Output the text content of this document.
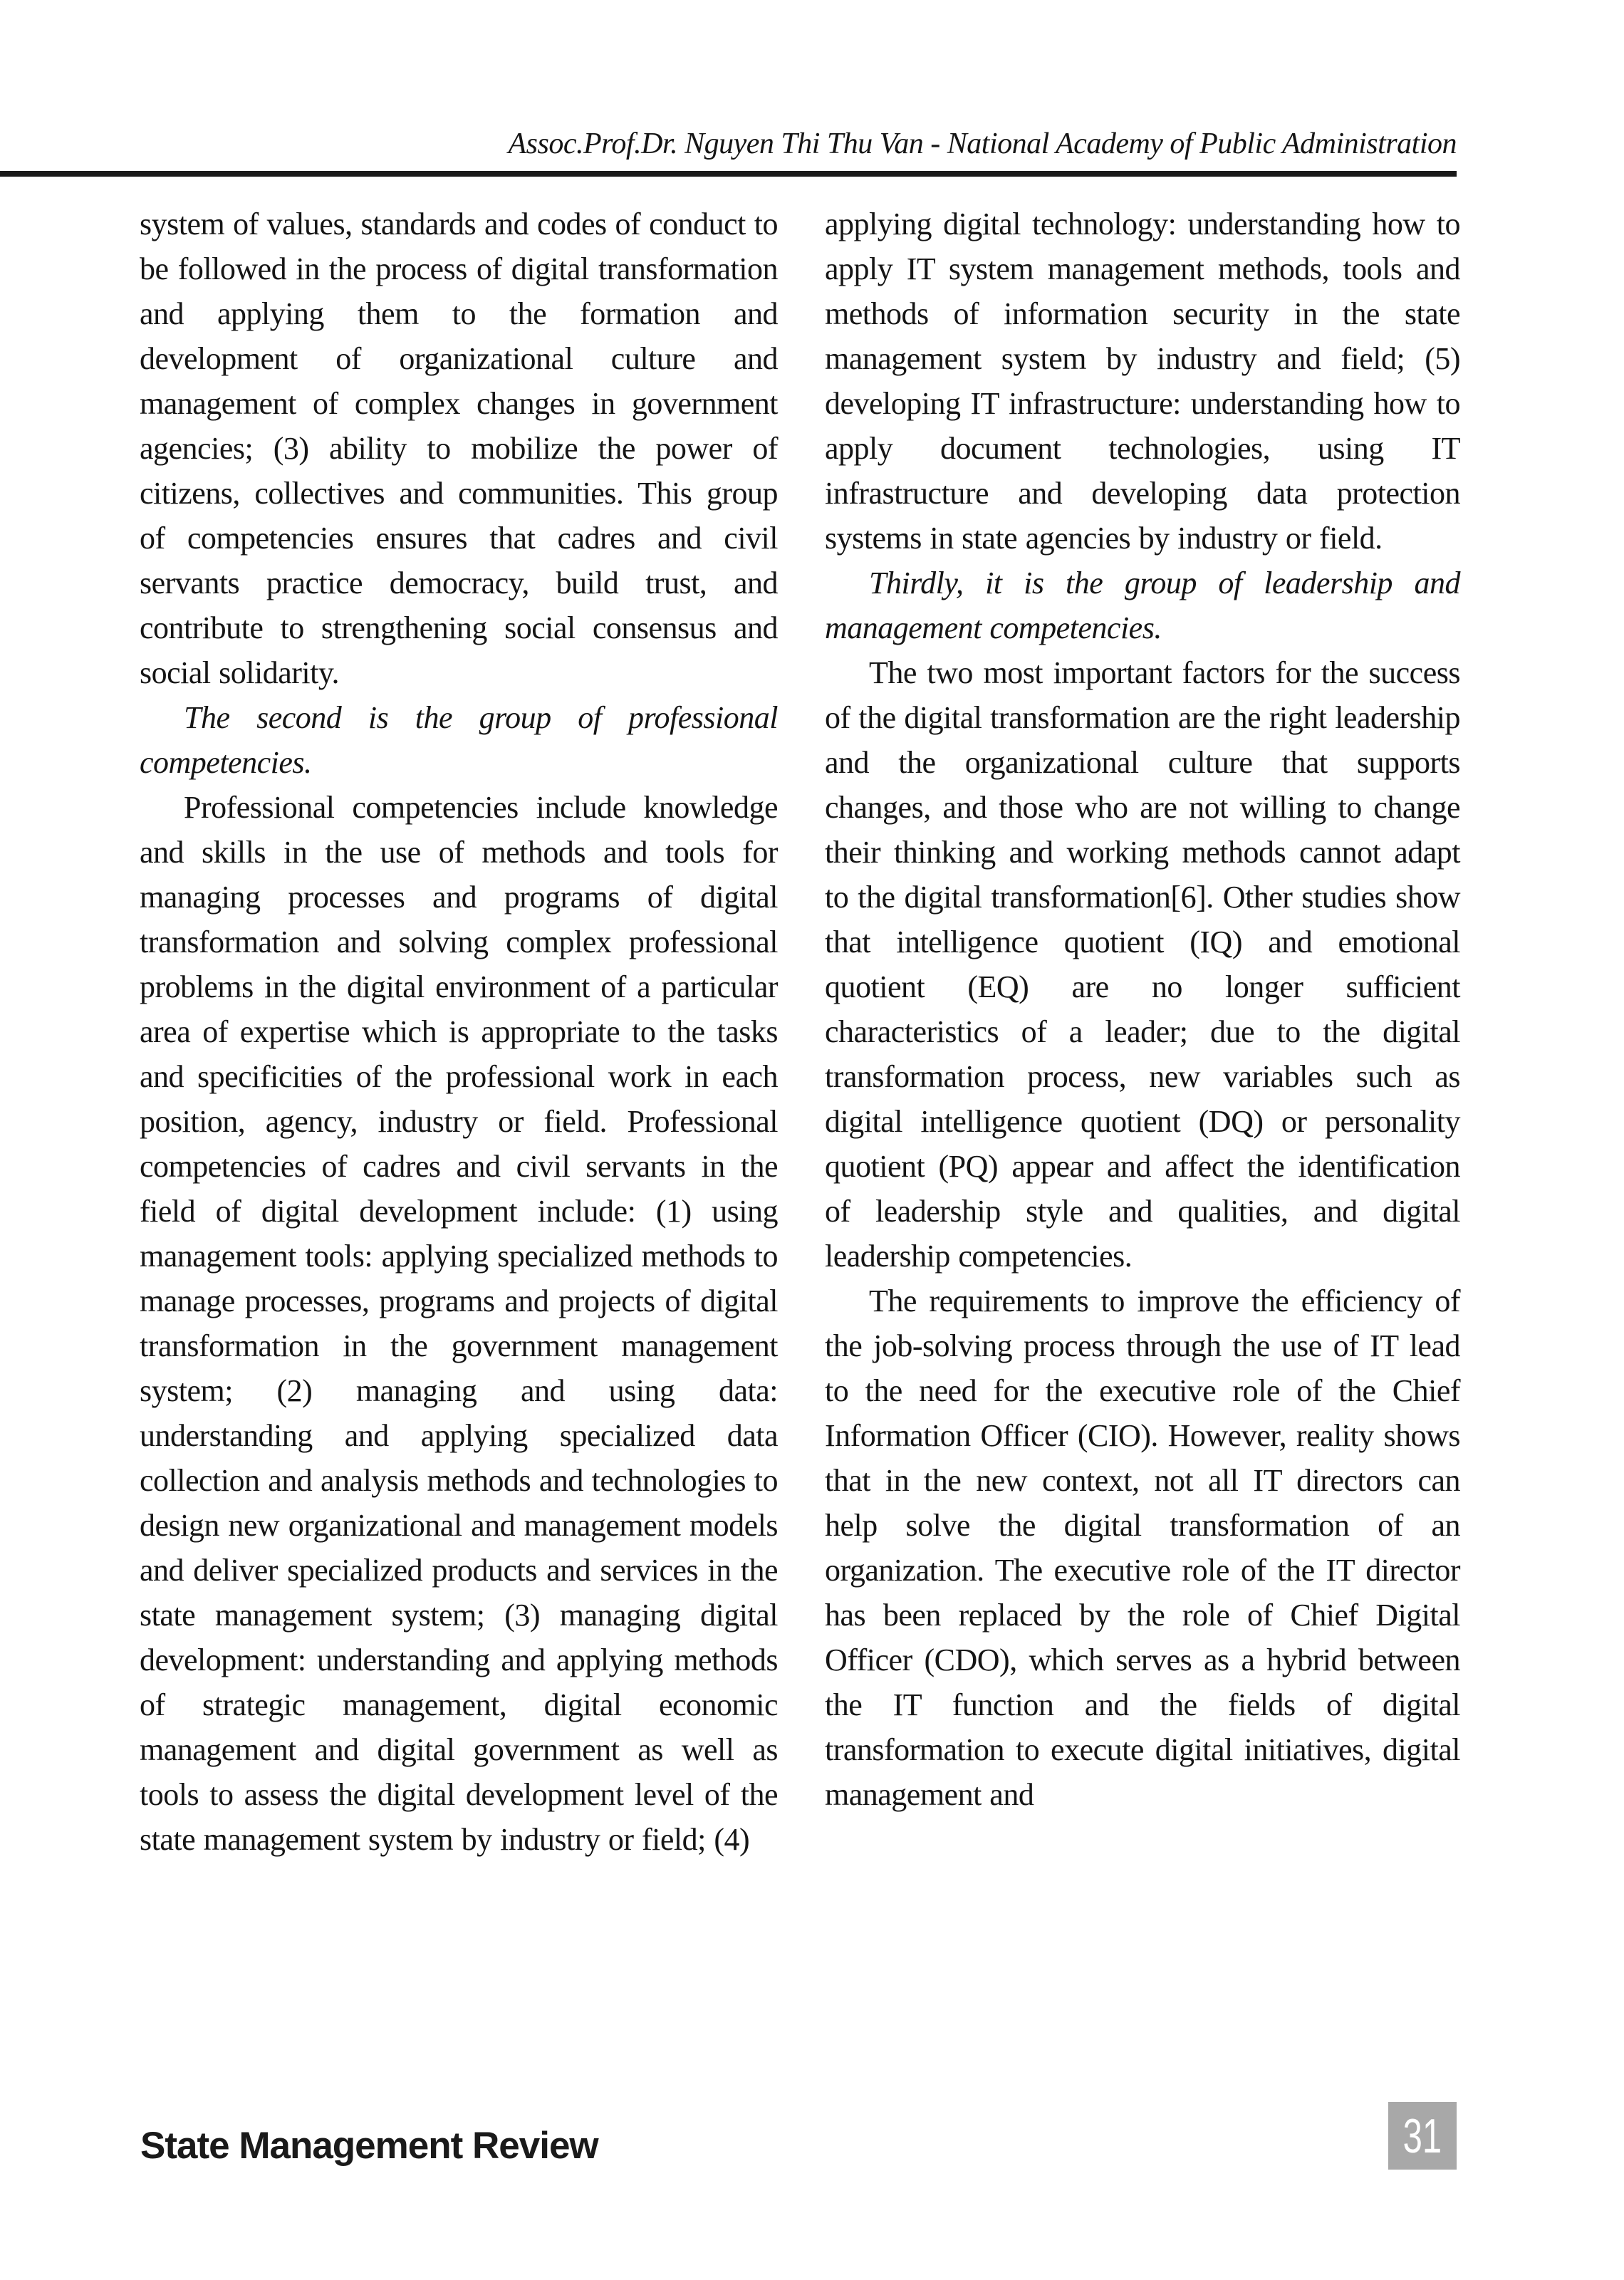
Assoc.Prof.Dr. Nguyen Thi Thu Van - National Academy of Public Administration

system of values, standards and codes of conduct to be followed in the process of digital transformation and applying them to the formation and development of organizational culture and management of complex changes in government agencies; (3) ability to mobilize the power of citizens, collectives and communities. This group of competencies ensures that cadres and civil servants practice democracy, build trust, and contribute to strengthening social consensus and social solidarity.

The second is the group of professional competencies.

Professional competencies include knowledge and skills in the use of methods and tools for managing processes and programs of digital transformation and solving complex professional problems in the digital environment of a particular area of expertise which is appropriate to the tasks and specificities of the professional work in each position, agency, industry or field. Professional competencies of cadres and civil servants in the field of digital development include: (1) using management tools: applying specialized methods to manage processes, programs and projects of digital transformation in the government management system; (2) managing and using data: understanding and applying specialized data collection and analysis methods and technologies to design new organizational and management models and deliver specialized products and services in the state management system; (3) managing digital development: understanding and applying methods of strategic management, digital economic management and digital government as well as tools to assess the digital development level of the state management system by industry or field; (4)

applying digital technology: understanding how to apply IT system management methods, tools and methods of information security in the state management system by industry and field; (5) developing IT infrastructure: understanding how to apply document technologies, using IT infrastructure and developing data protection systems in state agencies by industry or field.

Thirdly, it is the group of leadership and management competencies.

The two most important factors for the success of the digital transformation are the right leadership and the organizational culture that supports changes, and those who are not willing to change their thinking and working methods cannot adapt to the digital transformation[6]. Other studies show that intelligence quotient (IQ) and emotional quotient (EQ) are no longer sufficient characteristics of a leader; due to the digital transformation process, new variables such as digital intelligence quotient (DQ) or personality quotient (PQ) appear and affect the identification of leadership style and qualities, and digital leadership competencies.

The requirements to improve the efficiency of the job-solving process through the use of IT lead to the need for the executive role of the Chief Information Officer (CIO). However, reality shows that in the new context, not all IT directors can help solve the digital transformation of an organization. The executive role of the IT director has been replaced by the role of Chief Digital Officer (CDO), which serves as a hybrid between the IT function and the fields of digital transformation to execute digital initiatives, digital management and

State Management Review	31
